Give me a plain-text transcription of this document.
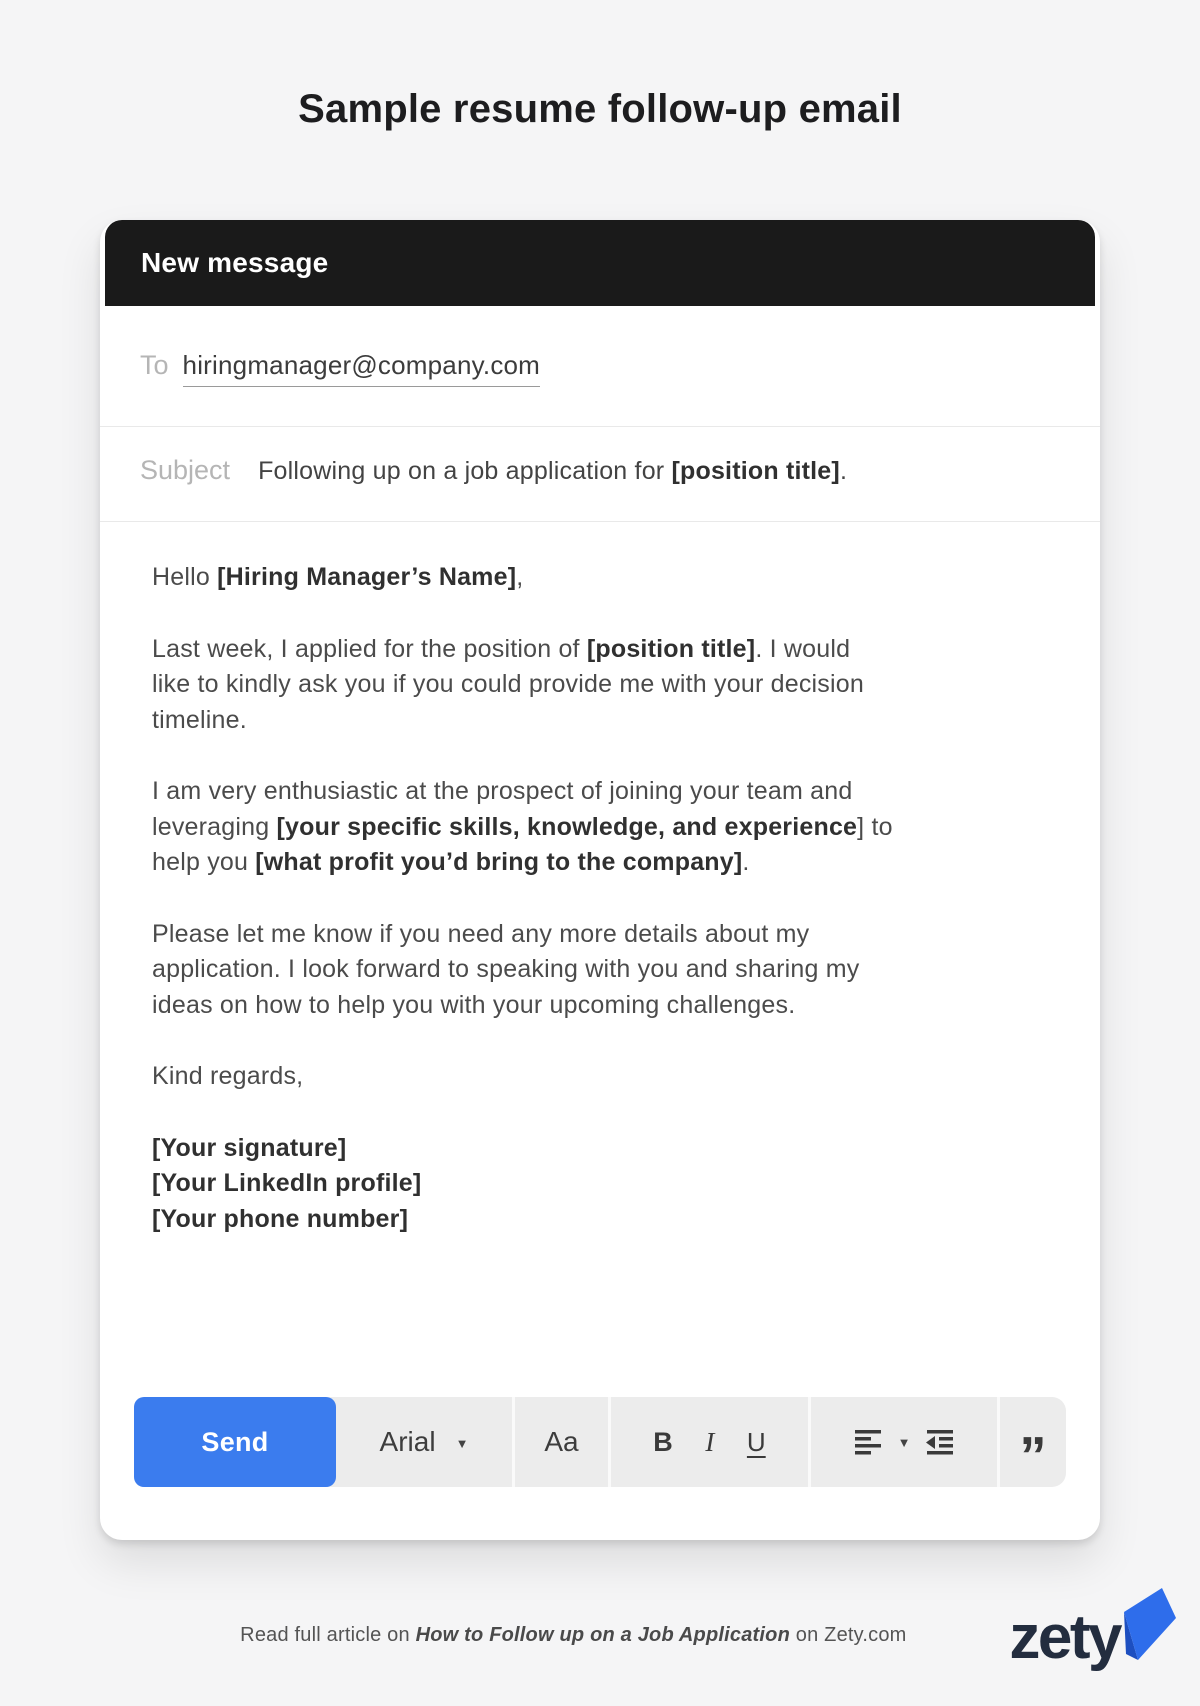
Sample resume follow-up email
New message
To hiringmanager@company.com
Subject Following up on a job application for [position title].

Hello [Hiring Manager’s Name],

Last week, I applied for the position of [position title]. I would
like to kindly ask you if you could provide me with your decision
timeline.

I am very enthusiastic at the prospect of joining your team and
leveraging [your specific skills, knowledge, and experience] to
help you [what profit you’d bring to the company].

Please let me know if you need any more details about my
application. I look forward to speaking with you and sharing my
ideas on how to help you with your upcoming challenges.

Kind regards,

[Your signature]
[Your LinkedIn profile]
[Your phone number]

Send	Arial ▼	Aa	B I U	▼ ”
Read full article on How to Follow up on a Job Application on Zety.com zety
